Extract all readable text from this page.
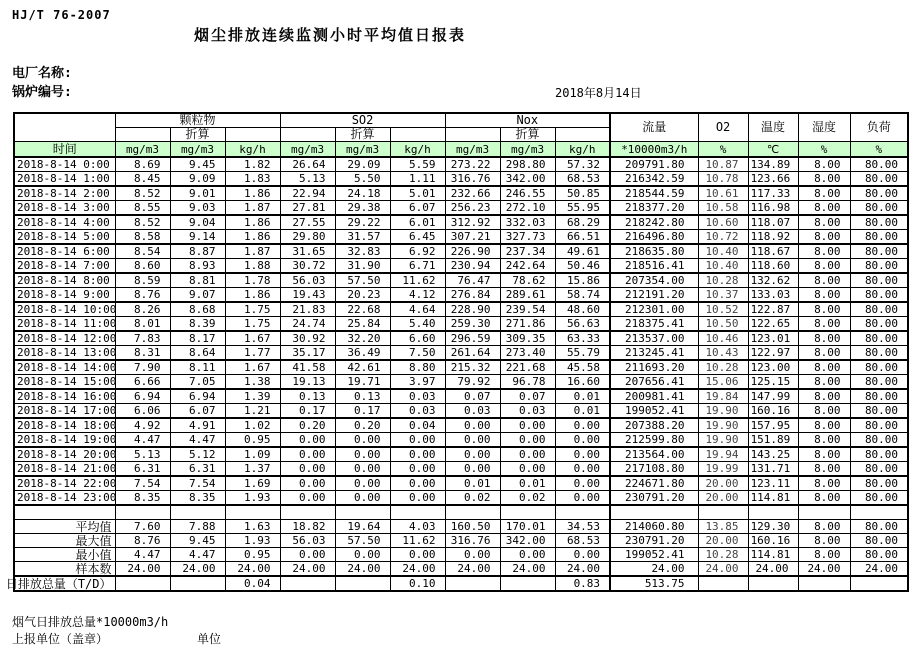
HJ/T 76-2007
烟尘排放连续监测小时平均值日报表
电厂名称:
锅炉编号:	2018年8月14日
	颗粒物			SO2			Nox			流量	O2	温度	湿度	负荷
		折算			折算			折算						
时间	mg/m3	mg/m3	kg/h	mg/m3	mg/m3	kg/h	mg/m3	mg/m3	kg/h	*10000m3/h	%	℃	%	%
2018-8-14 0:00	8.69	9.45	1.82	26.64	29.09	5.59	273.22	298.80	57.32	209791.80	10.87	134.89	8.00	80.00
2018-8-14 1:00	8.45	9.09	1.83	5.13	5.50	1.11	316.76	342.00	68.53	216342.59	10.78	123.66	8.00	80.00
2018-8-14 2:00	8.52	9.01	1.86	22.94	24.18	5.01	232.66	246.55	50.85	218544.59	10.61	117.33	8.00	80.00
2018-8-14 3:00	8.55	9.03	1.87	27.81	29.38	6.07	256.23	272.10	55.95	218377.20	10.58	116.98	8.00	80.00
2018-8-14 4:00	8.52	9.04	1.86	27.55	29.22	6.01	312.92	332.03	68.29	218242.80	10.60	118.07	8.00	80.00
2018-8-14 5:00	8.58	9.14	1.86	29.80	31.57	6.45	307.21	327.73	66.51	216496.80	10.72	118.92	8.00	80.00
2018-8-14 6:00	8.54	8.87	1.87	31.65	32.83	6.92	226.90	237.34	49.61	218635.80	10.40	118.67	8.00	80.00
2018-8-14 7:00	8.60	8.93	1.88	30.72	31.90	6.71	230.94	242.64	50.46	218516.41	10.40	118.60	8.00	80.00
2018-8-14 8:00	8.59	8.81	1.78	56.03	57.50	11.62	76.47	78.62	15.86	207354.00	10.28	132.62	8.00	80.00
2018-8-14 9:00	8.76	9.07	1.86	19.43	20.23	4.12	276.84	289.61	58.74	212191.20	10.37	133.03	8.00	80.00
2018-8-14 10:00	8.26	8.68	1.75	21.83	22.68	4.64	228.90	239.54	48.60	212301.00	10.52	122.87	8.00	80.00
2018-8-14 11:00	8.01	8.39	1.75	24.74	25.84	5.40	259.30	271.86	56.63	218375.41	10.50	122.65	8.00	80.00
2018-8-14 12:00	7.83	8.17	1.67	30.92	32.20	6.60	296.59	309.35	63.33	213537.00	10.46	123.01	8.00	80.00
2018-8-14 13:00	8.31	8.64	1.77	35.17	36.49	7.50	261.64	273.40	55.79	213245.41	10.43	122.97	8.00	80.00
2018-8-14 14:00	7.90	8.11	1.67	41.58	42.61	8.80	215.32	221.68	45.58	211693.20	10.28	123.00	8.00	80.00
2018-8-14 15:00	6.66	7.05	1.38	19.13	19.71	3.97	79.92	96.78	16.60	207656.41	15.06	125.15	8.00	80.00
2018-8-14 16:00	6.94	6.94	1.39	0.13	0.13	0.03	0.07	0.07	0.01	200981.41	19.84	147.99	8.00	80.00
2018-8-14 17:00	6.06	6.07	1.21	0.17	0.17	0.03	0.03	0.03	0.01	199052.41	19.90	160.16	8.00	80.00
2018-8-14 18:00	4.92	4.91	1.02	0.20	0.20	0.04	0.00	0.00	0.00	207388.20	19.90	157.95	8.00	80.00
2018-8-14 19:00	4.47	4.47	0.95	0.00	0.00	0.00	0.00	0.00	0.00	212599.80	19.90	151.89	8.00	80.00
2018-8-14 20:00	5.13	5.12	1.09	0.00	0.00	0.00	0.00	0.00	0.00	213564.00	19.94	143.25	8.00	80.00
2018-8-14 21:00	6.31	6.31	1.37	0.00	0.00	0.00	0.00	0.00	0.00	217108.80	19.99	131.71	8.00	80.00
2018-8-14 22:00	7.54	7.54	1.69	0.00	0.00	0.00	0.01	0.01	0.00	224671.80	20.00	123.11	8.00	80.00
2018-8-14 23:00	8.35	8.35	1.93	0.00	0.00	0.00	0.02	0.02	0.00	230791.20	20.00	114.81	8.00	80.00

平均值	7.60	7.88	1.63	18.82	19.64	4.03	160.50	170.01	34.53	214060.80	13.85	129.30	8.00	80.00

最大值	8.76	9.45	1.93	56.03	57.50	11.62	316.76	342.00	68.53	230791.20	20.00	160.16	8.00	80.00

最小值	4.47	4.47	0.95	0.00	0.00	0.00	0.00	0.00	0.00	199052.41	10.28	114.81	8.00	80.00

样本数	24.00	24.00	24.00	24.00	24.00	24.00	24.00	24.00	24.00	24.00	24.00	24.00	24.00	24.00

日排放总量（T/D）			0.04			0.10			0.83	513.75				
烟气日排放总量*10000m3/h
上报单位（盖章）	单位
